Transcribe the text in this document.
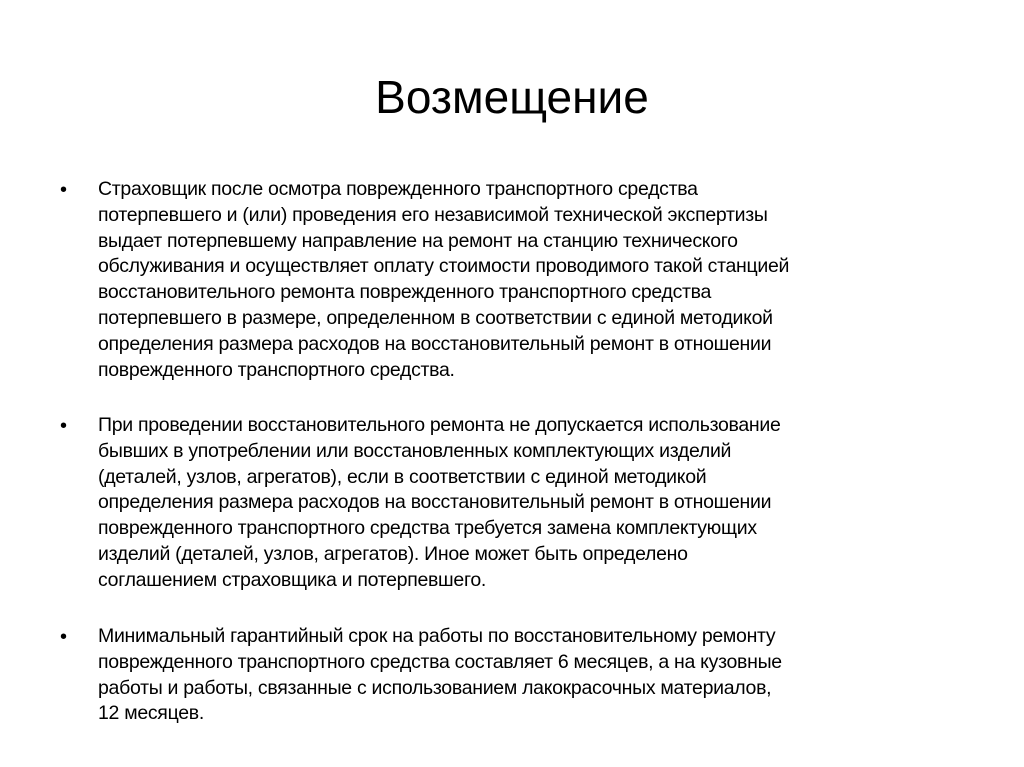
Возмещение
• Страховщик после осмотра поврежденного транспортного средства
потерпевшего и (или) проведения его независимой технической экспертизы
выдает потерпевшему направление на ремонт на станцию технического
обслуживания и осуществляет оплату стоимости проводимого такой станцией
восстановительного ремонта поврежденного транспортного средства
потерпевшего в размере, определенном в соответствии с единой методикой
определения размера расходов на восстановительный ремонт в отношении
поврежденного транспортного средства.
• При проведении восстановительного ремонта не допускается использование
бывших в употреблении или восстановленных комплектующих изделий
(деталей, узлов, агрегатов), если в соответствии с единой методикой
определения размера расходов на восстановительный ремонт в отношении
поврежденного транспортного средства требуется замена комплектующих
изделий (деталей, узлов, агрегатов). Иное может быть определено
соглашением страховщика и потерпевшего.
• Минимальный гарантийный срок на работы по восстановительному ремонту
поврежденного транспортного средства составляет 6 месяцев, а на кузовные
работы и работы, связанные с использованием лакокрасочных материалов,
12 месяцев.
